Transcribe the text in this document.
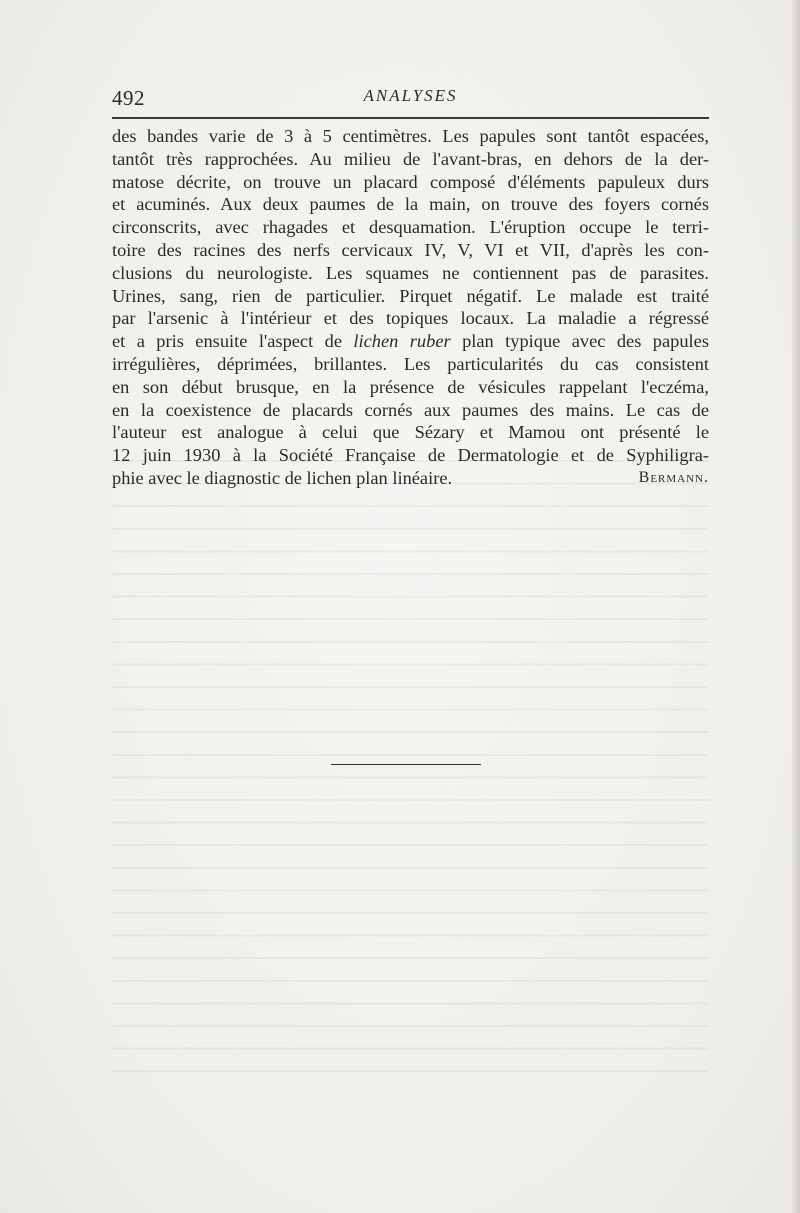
492	ANALYSES

des bandes varie de 3 à 5 centimètres. Les papules sont tantôt espacées,
tantôt très rapprochées. Au milieu de l'avant-bras, en dehors de la der-
matose décrite, on trouve un placard composé d'éléments papuleux durs
et acuminés. Aux deux paumes de la main, on trouve des foyers cornés
circonscrits, avec rhagades et desquamation. L'éruption occupe le terri-
toire des racines des nerfs cervicaux IV, V, VI et VII, d'après les con-
clusions du neurologiste. Les squames ne contiennent pas de parasites.
Urines, sang, rien de particulier. Pirquet négatif. Le malade est traité
par l'arsenic à l'intérieur et des topiques locaux. La maladie a régressé
et a pris ensuite l'aspect de lichen ruber plan typique avec des papules
irrégulières, déprimées, brillantes. Les particularités du cas consistent
en son début brusque, en la présence de vésicules rappelant l'eczéma,
en la coexistence de placards cornés aux paumes des mains. Le cas de
l'auteur est analogue à celui que Sézary et Mamou ont présenté le
12 juin 1930 à la Société Française de Dermatologie et de Syphiligra-
phie avec le diagnostic de lichen plan linéaire.	Bermann.
